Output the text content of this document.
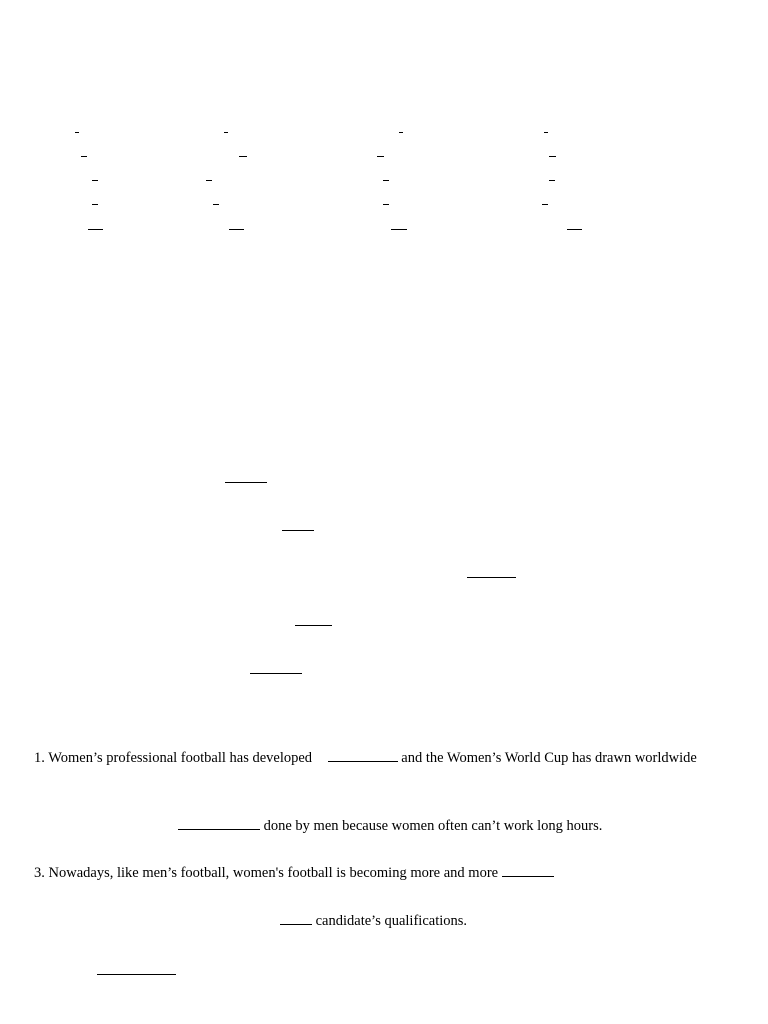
1. Women’s professional football has developed	and the Women’s World Cup has drawn worldwide
done by men because women often can’t work long hours.
3. Nowadays, like men’s football, women's football is becoming more and more
candidate’s qualifications.
